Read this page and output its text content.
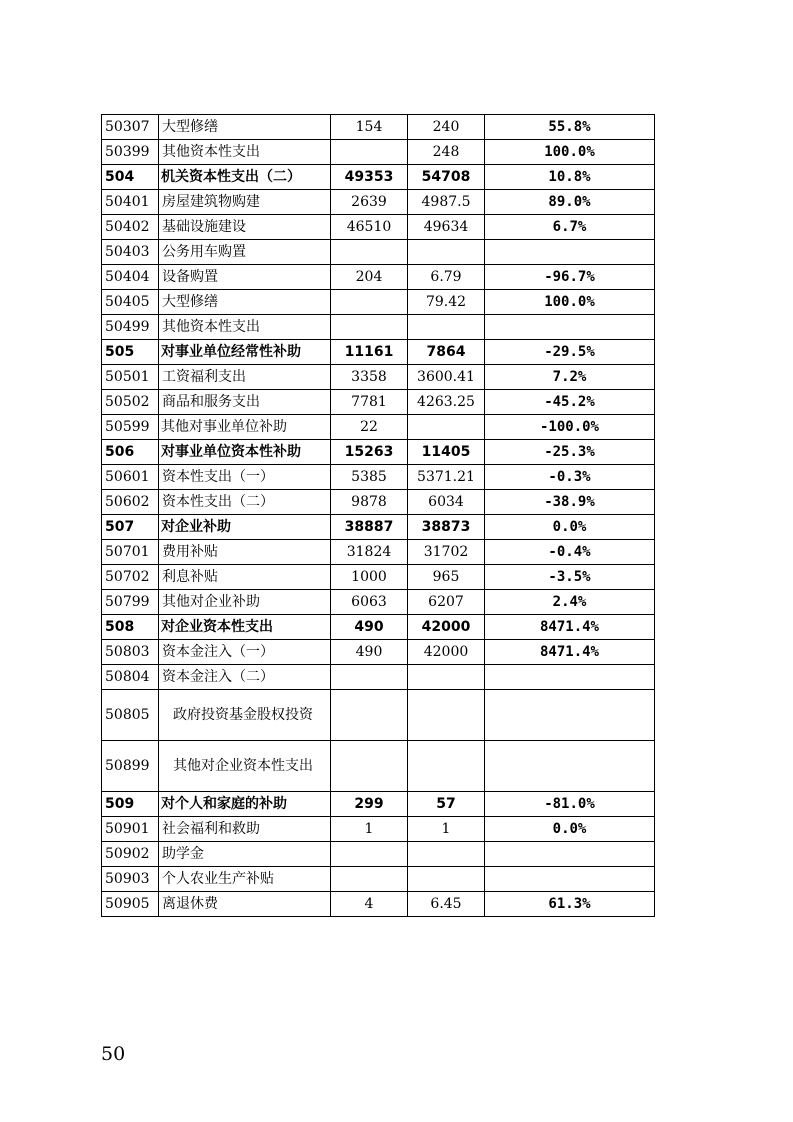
50307	大型修缮	154	240	55.8%
50399	其他资本性支出		248	100.0%
504	机关资本性支出（二）	49353	54708	10.8%
50401	房屋建筑物购建	2639	4987.5	89.0%
50402	基础设施建设	46510	49634	6.7%
50403	公务用车购置			
50404	设备购置	204	6.79	-96.7%
50405	大型修缮		79.42	100.0%
50499	其他资本性支出			
505	对事业单位经常性补助	11161	7864	-29.5%
50501	工资福利支出	3358	3600.41	7.2%
50502	商品和服务支出	7781	4263.25	-45.2%
50599	其他对事业单位补助	22		-100.0%
506	对事业单位资本性补助	15263	11405	-25.3%
50601	资本性支出（一）	5385	5371.21	-0.3%
50602	资本性支出（二）	9878	6034	-38.9%
507	对企业补助	38887	38873	0.0%
50701	费用补贴	31824	31702	-0.4%
50702	利息补贴	1000	965	-3.5%
50799	其他对企业补助	6063	6207	2.4%
508	对企业资本性支出	490	42000	8471.4%
50803	资本金注入（一）	490	42000	8471.4%
50804	资本金注入（二）			
50805	政府投资基金股权投资			
50899	其他对企业资本性支出			
509	对个人和家庭的补助	299	57	-81.0%
50901	社会福利和救助	1	1	0.0%
50902	助学金			
50903	个人农业生产补贴			
50905	离退休费	4	6.45	61.3%
50
